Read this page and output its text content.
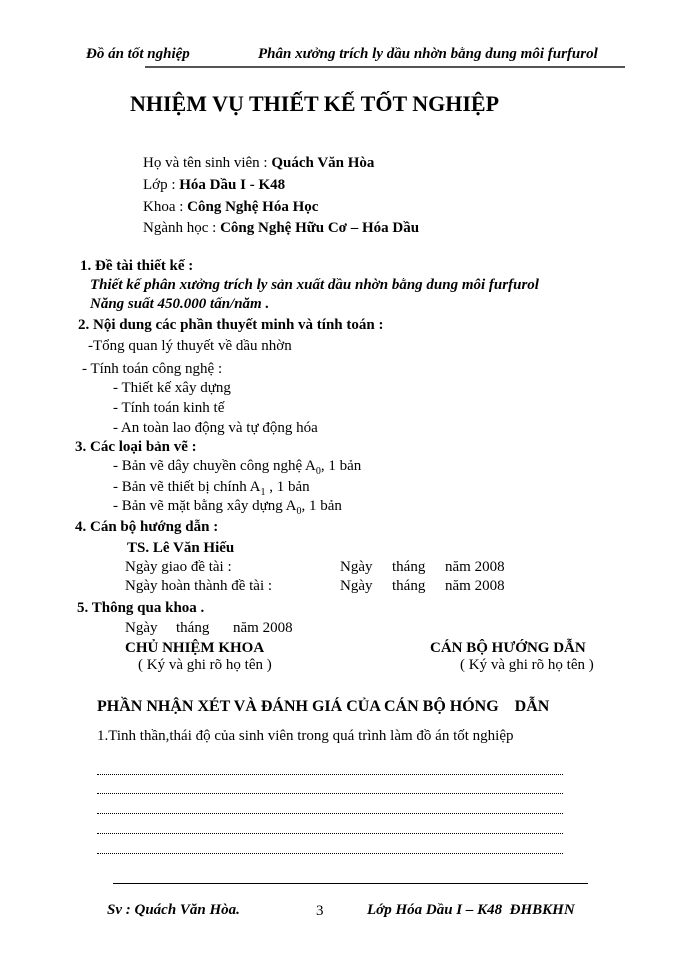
Đồ án tốt nghiệp	Phân xưởng trích ly dầu nhờn bằng dung môi furfurol
NHIỆM VỤ THIẾT KẾ TỐT NGHIỆP
Họ và tên sinh viên : Quách Văn Hòa
Lớp : Hóa Dầu I - K48
Khoa : Công Nghệ Hóa Học
Ngành học : Công Nghệ Hữu Cơ – Hóa Dầu
1. Đề tài thiết kế :
Thiết kế phân xưởng trích ly sản xuất dầu nhờn bằng dung môi furfurol
Năng suất 450.000 tấn/năm .
2. Nội dung các phần thuyết minh và tính toán :
-Tổng quan lý thuyết về dầu nhờn
- Tính toán công nghệ :
- Thiết kế xây dựng
- Tính toán kinh tế
- An toàn lao động và tự động hóa
3. Các loại bản vẽ :
- Bản vẽ dây chuyền công nghệ $A_0$, 1 bản
- Bản vẽ thiết bị chính $A_1$ , 1 bản
- Bản vẽ mặt bằng xây dựng $A_0$, 1 bản
4. Cán bộ hướng dẫn :
TS. Lê Văn Hiếu
Ngày giao đề tài :	Ngày tháng năm 2008
Ngày hoàn thành đề tài :	Ngày tháng năm 2008
5. Thông qua khoa .
Ngày tháng năm 2008
CHỦ NHIỆM KHOA	CÁN BỘ HƯỚNG DẪN
( Ký và ghi rõ họ tên )	( Ký và ghi rõ họ tên )
PHẦN NHẬN XÉT VÀ ĐÁNH GIÁ CỦA CÁN BỘ HÓNG    DẪN
1.Tinh thần,thái độ của sinh viên trong quá trình làm đồ án tốt nghiệp
Sv : Quách Văn Hòa.	3	Lớp Hóa Dầu I – K48  ĐHBKHN
